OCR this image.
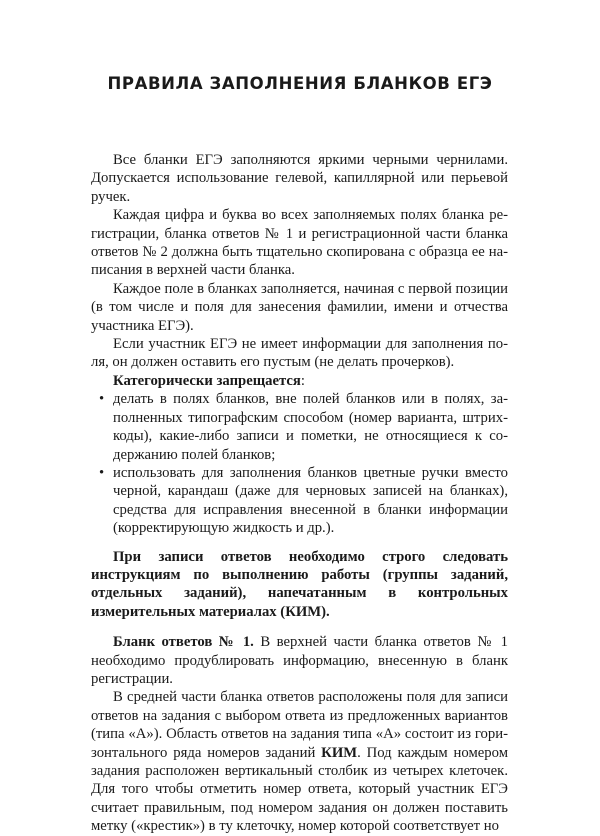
ПРАВИЛА ЗАПОЛНЕНИЯ БЛАНКОВ ЕГЭ

Все бланки ЕГЭ заполняются яркими черными чернилами. Допускается использование гелевой, капиллярной или перьевой ручек.

Каждая цифра и буква во всех заполняемых полях бланка регистрации, бланка ответов № 1 и регистрационной части бланка ответов № 2 должна быть тщательно скопирована с образца ее написания в верхней части бланка.

Каждое поле в бланках заполняется, начиная с первой позиции (в том числе и поля для занесения фамилии, имени и отчества участника ЕГЭ).

Если участник ЕГЭ не имеет информации для заполнения поля, он должен оставить его пустым (не делать прочерков).

Категорически запрещается:

• делать в полях бланков, вне полей бланков или в полях, заполненных типографским способом (номер варианта, штрихкоды), какие-либо записи и пометки, не относящиеся к содержанию полей бланков;
• использовать для заполнения бланков цветные ручки вместо черной, карандаш (даже для черновых записей на бланках), средства для исправления внесенной в бланки информации (корректирующую жидкость и др.).

При записи ответов необходимо строго следовать инструкциям по выполнению работы (группы заданий, отдельных заданий), напечатанным в контрольных измерительных материалах (КИМ).

Бланк ответов № 1. В верхней части бланка ответов № 1 необходимо продублировать информацию, внесенную в бланк регистрации.

В средней части бланка ответов расположены поля для записи ответов на задания с выбором ответа из предложенных вариантов (типа «А»). Область ответов на задания типа «А» состоит из горизонтального ряда номеров заданий КИМ. Под каждым номером задания расположен вертикальный столбик из четырех клеточек. Для того чтобы отметить номер ответа, который участник ЕГЭ считает правильным, под номером задания он должен поставить метку («крестик») в ту клеточку, номер которой соответствует но
